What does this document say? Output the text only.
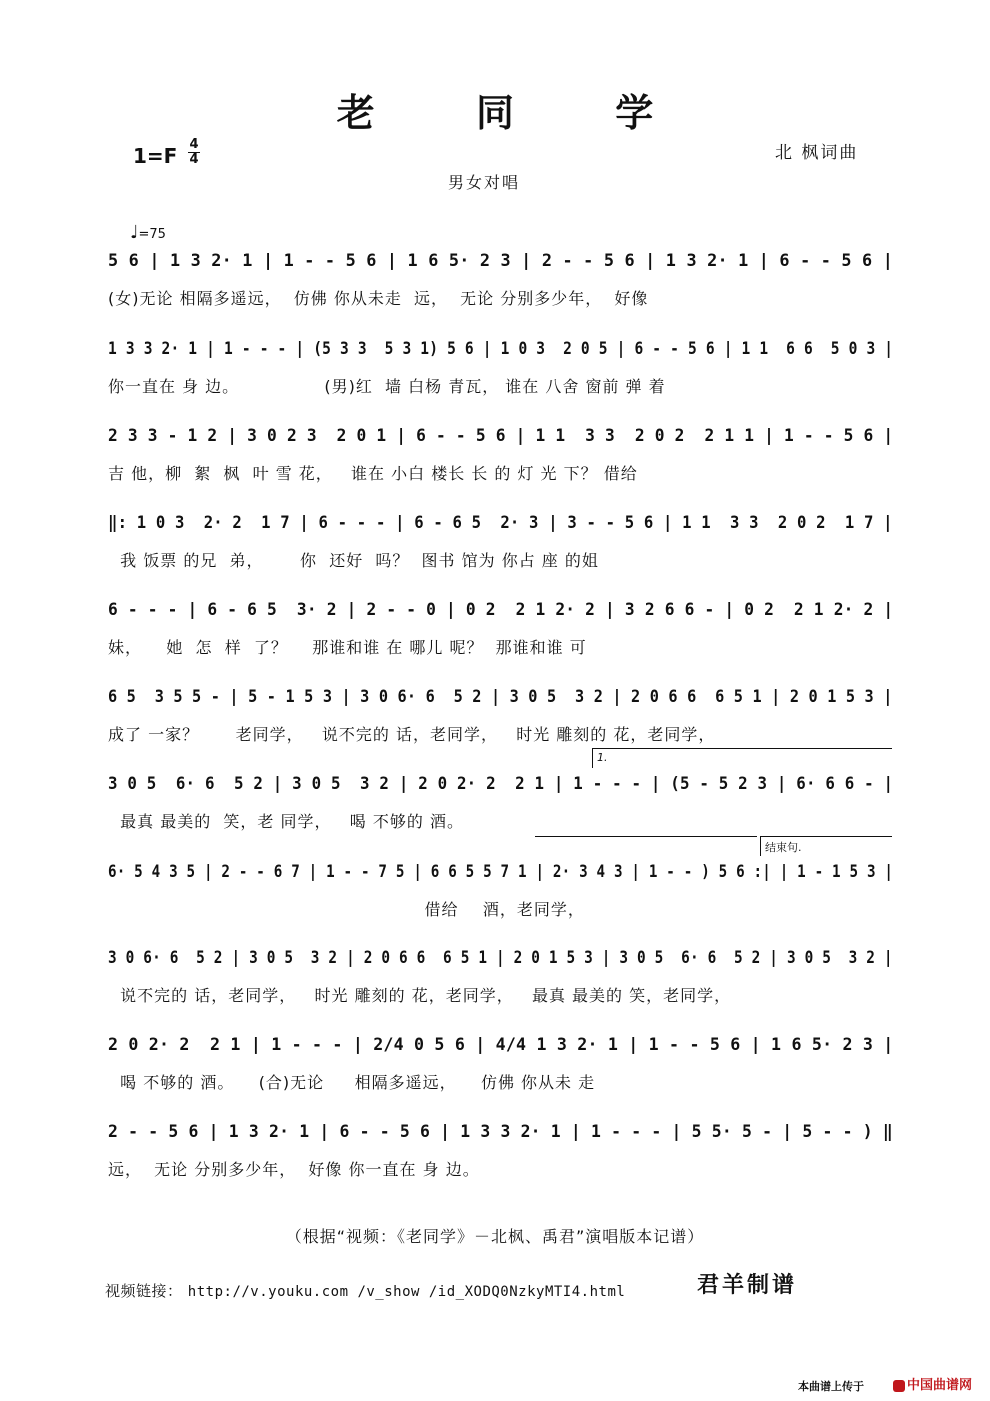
老 同 学
1=F 4
4	北 枫词曲
男女对唱
♩=75
5 6 | 1 3 2· 1 | 1 - - 5 6 | 1 6 5· 2 3 | 2 - - 5 6 | 1 3 2· 1 | 6 - - 5 6 |
(女)无论 相隔多遥远，  仿佛 你从未走  远，  无论 分别多少年，  好像
1 3 3 2· 1 | 1 - - - | (5 3 3  5 3 1) 5 6 | 1 0 3  2 0 5 | 6 - - 5 6 | 1 1  6 6  5 0 3 |
你一直在 身 边。              (男)红  墙 白杨 青瓦， 谁在 八舍 窗前 弹 着
2 3 3 - 1 2 | 3 0 2 3  2 0 1 | 6 - - 5 6 | 1 1  3 3  2 0 2  2 1 1 | 1 - - 5 6 |
吉 他，柳  絮  枫  叶 雪 花，   谁在 小白 楼长 长 的 灯 光 下？ 借给
‖: 1 0 3  2· 2  1 7 | 6 - - - | 6 - 6 5  2· 3 | 3 - - 5 6 | 1 1  3 3  2 0 2  1 7 |
我 饭票 的兄  弟，      你  还好  吗？  图书 馆为 你占 座 的姐
6 - - - | 6 - 6 5  3· 2 | 2 - - 0 | 0 2  2 1 2· 2 | 3 2 6 6 - | 0 2  2 1 2· 2 |
妹，    她  怎  样  了？    那谁和谁 在 哪儿 呢？  那谁和谁 可
6 5  3 5 5 - | 5 - 1 5 3 | 3 0 6· 6  5 2 | 3 0 5  3 2 | 2 0 6 6  6 5 1 | 2 0 1 5 3 |
成了 一家？      老同学，   说不完的 话，老同学，   时光 雕刻的 花，老同学，
3 0 5  6· 6  5 2 | 3 0 5  3 2 | 2 0 2· 2  2 1 | 1 - - - | (5 - 5 2 3 | 6· 6 6 - |
最真 最美的  笑，老 同学，   喝 不够的 酒。
6· 5 4 3 5 | 2 - - 6 7 | 1 - - 7 5 | 6 6 5 5 7 1 | 2· 3 4 3 | 1 - - ) 5 6 :| | 1 - 1 5 3 |
借给    酒，老同学，
3 0 6· 6  5 2 | 3 0 5  3 2 | 2 0 6 6  6 5 1 | 2 0 1 5 3 | 3 0 5  6· 6  5 2 | 3 0 5  3 2 |
说不完的 话，老同学，   时光 雕刻的 花，老同学，   最真 最美的 笑，老同学，
2 0 2· 2  2 1 | 1 - - - | 2/4 0 5 6 | 4/4 1 3 2· 1 | 1 - - 5 6 | 1 6 5· 2 3 |
喝 不够的 酒。    (合)无论     相隔多遥远，    仿佛 你从未 走
2 - - 5 6 | 1 3 2· 1 | 6 - - 5 6 | 1 3 3 2· 1 | 1 - - - | 5 5· 5 - | 5 - - ) ‖
远，  无论 分别多少年，  好像 你一直在 身 边。
（根据“视频：《老同学》－北枫、禹君”演唱版本记谱）
视频链接： http://v.youku.com /v_show /id_XODQ0NzkyMTI4.html	君羊制谱
本曲谱上传于	中国曲谱网
1.
结束句.
